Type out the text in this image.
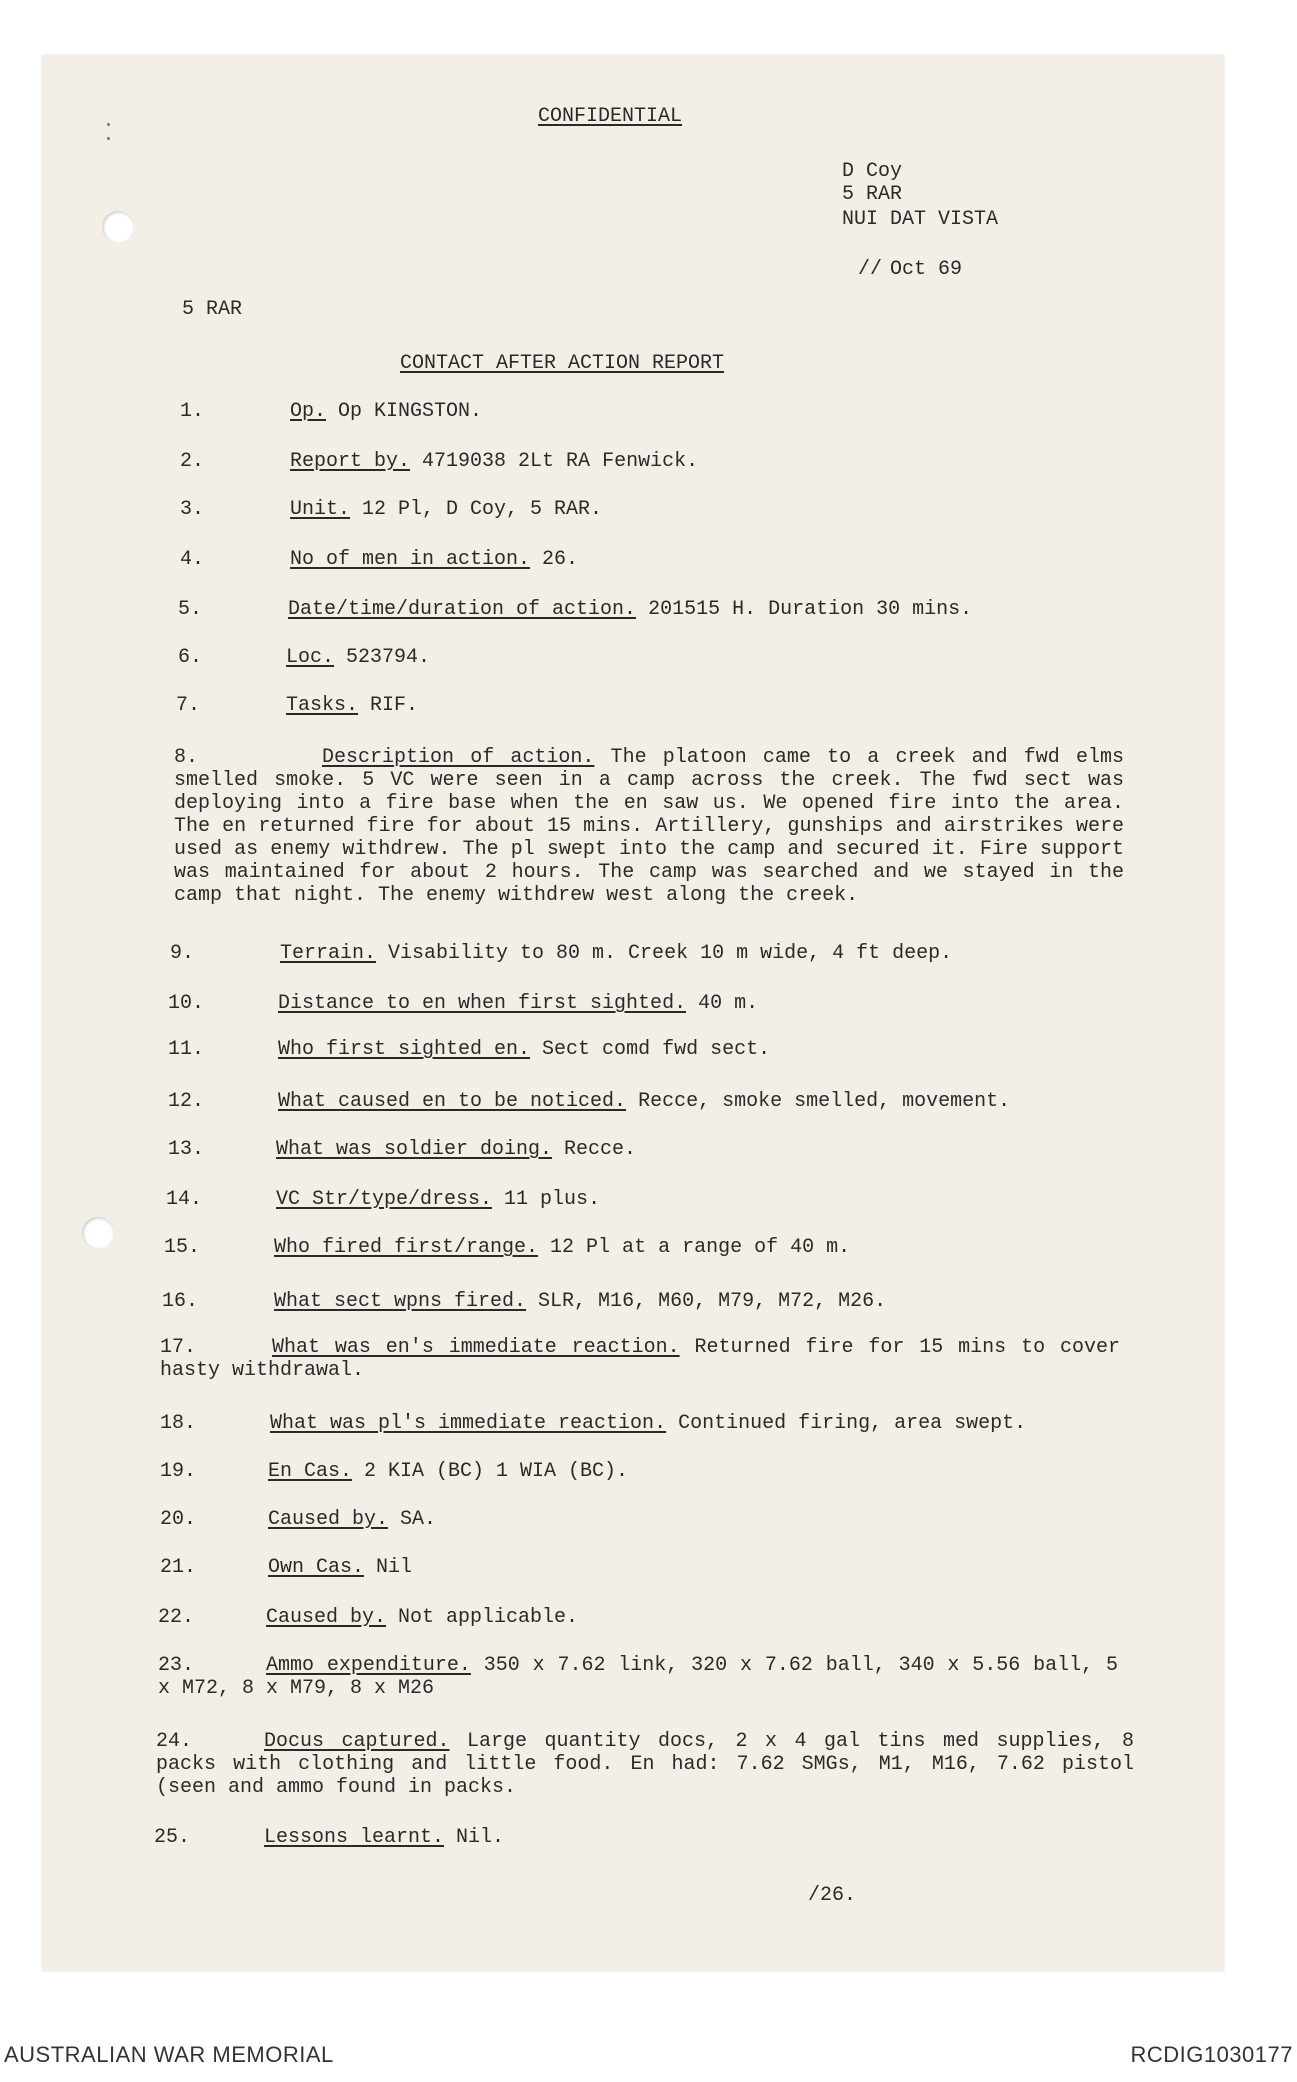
CONFIDENTIAL
D Coy
5 RAR
NUI DAT VISTA
// Oct 69
5 RAR
CONTACT AFTER ACTION REPORT
1.	Op. Op KINGSTON.
2.	Report by. 4719038 2Lt RA Fenwick.
3.	Unit. 12 Pl, D Coy, 5 RAR.
4.	No of men in action. 26.
5.	Date/time/duration of action. 201515 H. Duration 30 mins.
6.	Loc. 523794.
7.	Tasks. RIF.
8.	Description of action. The platoon came to a creek and fwd elms smelled smoke. 5 VC were seen in a camp across the creek. The fwd sect was deploying into a fire base when the en saw us. We opened fire into the area. The en returned fire for about 15 mins. Artillery, gunships and airstrikes were used as enemy withdrew. The pl swept into the camp and secured it. Fire support was maintained for about 2 hours. The camp was searched and we stayed in the camp that night. The enemy withdrew west along the creek.
9.	Terrain. Visability to 80 m. Creek 10 m wide, 4 ft deep.
10.	Distance to en when first sighted. 40 m.
11.	Who first sighted en. Sect comd fwd sect.
12.	What caused en to be noticed. Recce, smoke smelled, movement.
13.	What was soldier doing. Recce.
14.	VC Str/type/dress. 11 plus.
15.	Who fired first/range. 12 Pl at a range of 40 m.
16.	What sect wpns fired. SLR, M16, M60, M79, M72, M26.
17.	What was en's immediate reaction. Returned fire for 15 mins to cover hasty withdrawal.
18.	What was pl's immediate reaction. Continued firing, area swept.
19.	En Cas. 2 KIA (BC) 1 WIA (BC).
20.	Caused by. SA.
21.	Own Cas. Nil
22.	Caused by. Not applicable.
23.	Ammo expenditure. 350 x 7.62 link, 320 x 7.62 ball, 340 x 5.56 ball, 5 x M72, 8 x M79, 8 x M26
24.	Docus captured. Large quantity docs, 2 x 4 gal tins med supplies, 8 packs with clothing and little food. En had: 7.62 SMGs, M1, M16, 7.62 pistol (seen and ammo found in packs.
25.	Lessons learnt. Nil.
/26.
AUSTRALIAN WAR MEMORIAL	RCDIG1030177
